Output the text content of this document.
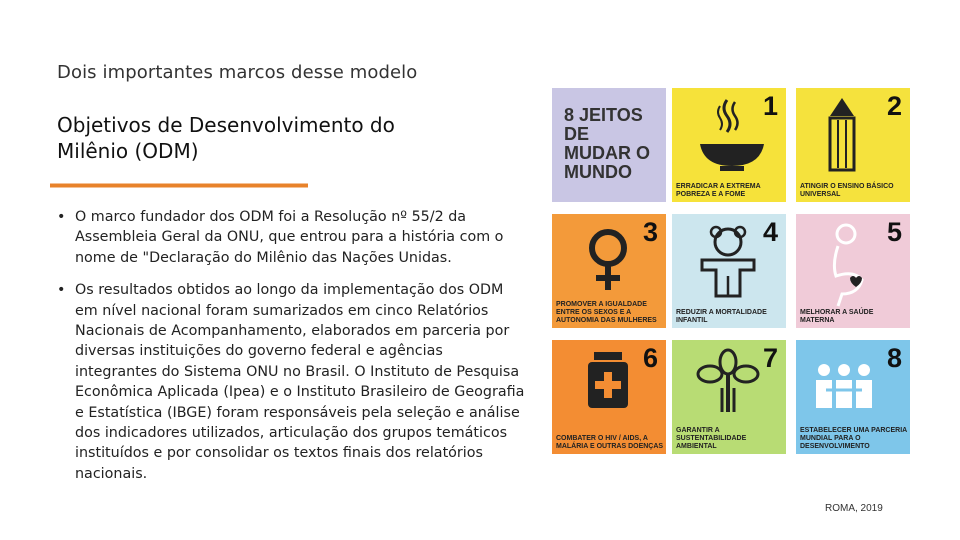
Dois importantes marcos desse modelo
Objetivos de Desenvolvimento do Milênio (ODM)
• O marco fundador dos ODM foi a Resolução nº 55/2 da Assembleia Geral da ONU, que entrou para a história com o nome de "Declaração do Milênio das Nações Unidas.
• Os resultados obtidos ao longo da implementação dos ODM em nível nacional foram sumarizados em cinco Relatórios Nacionais de Acompanhamento, elaborados em parceria por diversas instituições do governo federal e agências integrantes do Sistema ONU no Brasil. O Instituto de Pesquisa Econômica Aplicada (Ipea) e o Instituto Brasileiro de Geografia e Estatística (IBGE) foram responsáveis pela seleção e análise dos indicadores utilizados, articulação dos grupos temáticos instituídos e por consolidar os textos finais dos relatórios nacionais.
8 JEITOS DE MUDAR O MUNDO
1
ERRADICAR A EXTREMA POBREZA E A FOME
2
ATINGIR O ENSINO BÁSICO UNIVERSAL
3
PROMOVER A IGUALDADE ENTRE OS SEXOS E A AUTONOMIA DAS MULHERES
4
REDUZIR A MORTALIDADE INFANTIL
5
MELHORAR A SAÚDE MATERNA
6
COMBATER O HIV / AIDS, A MALÁRIA E OUTRAS DOENÇAS
7
GARANTIR A SUSTENTABILIDADE AMBIENTAL
8
ESTABELECER UMA PARCERIA MUNDIAL PARA O DESENVOLVIMENTO
ROMA, 2019
